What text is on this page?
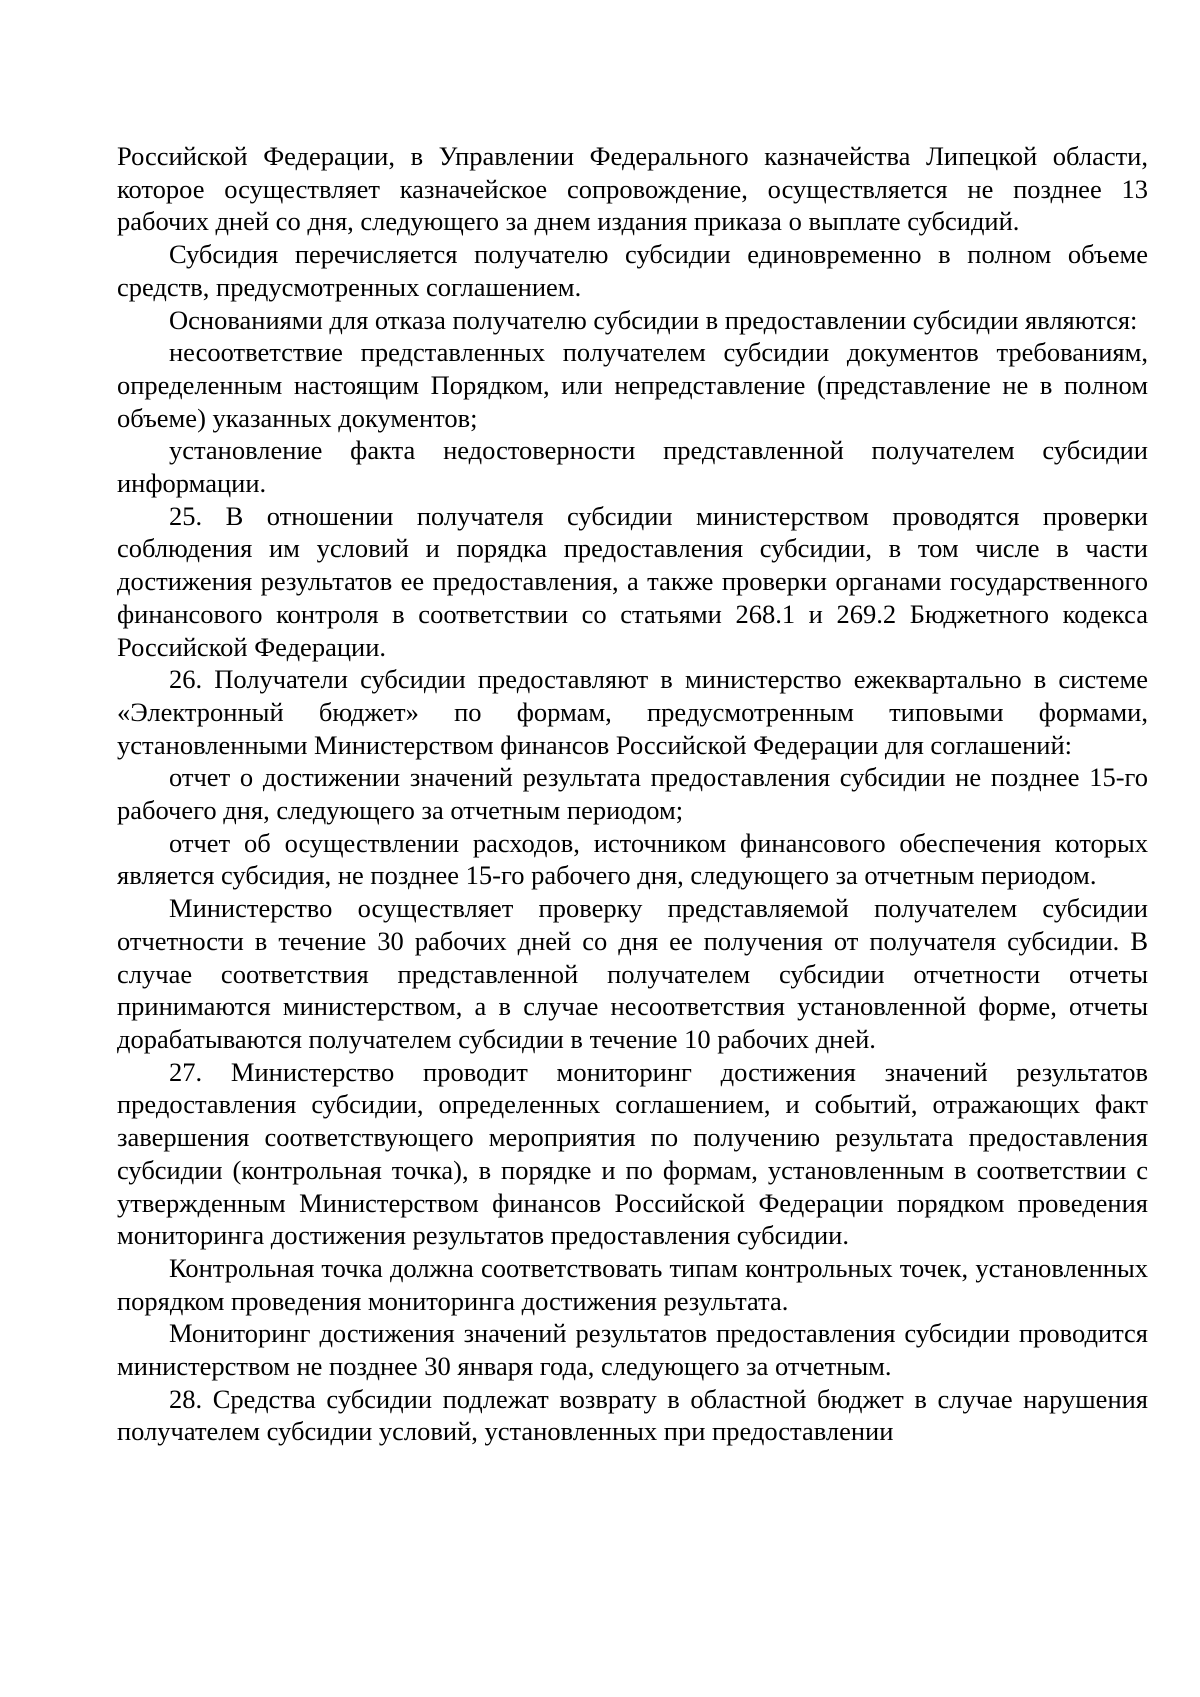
Российской Федерации, в Управлении Федерального казначейства Липецкой области, которое осуществляет казначейское сопровождение, осуществляется не позднее 13 рабочих дней со дня, следующего за днем издания приказа о выплате субсидий.

Субсидия перечисляется получателю субсидии единовременно в полном объеме средств, предусмотренных соглашением.

Основаниями для отказа получателю субсидии в предоставлении субсидии являются:

несоответствие представленных получателем субсидии документов требованиям, определенным настоящим Порядком, или непредставление (представление не в полном объеме) указанных документов;

установление факта недостоверности представленной получателем субсидии информации.

25. В отношении получателя субсидии министерством проводятся проверки соблюдения им условий и порядка предоставления субсидии, в том числе в части достижения результатов ее предоставления, а также проверки органами государственного финансового контроля в соответствии со статьями 268.1 и 269.2 Бюджетного кодекса Российской Федерации.

26. Получатели субсидии предоставляют в министерство ежеквартально в системе «Электронный бюджет» по формам, предусмотренным типовыми формами, установленными Министерством финансов Российской Федерации для соглашений:

отчет о достижении значений результата предоставления субсидии не позднее 15-го рабочего дня, следующего за отчетным периодом;

отчет об осуществлении расходов, источником финансового обеспечения которых является субсидия, не позднее 15-го рабочего дня, следующего за отчетным периодом.

Министерство осуществляет проверку представляемой получателем субсидии отчетности в течение 30 рабочих дней со дня ее получения от получателя субсидии. В случае соответствия представленной получателем субсидии отчетности отчеты принимаются министерством, а в случае несоответствия установленной форме, отчеты дорабатываются получателем субсидии в течение 10 рабочих дней.

27. Министерство проводит мониторинг достижения значений результатов предоставления субсидии, определенных соглашением, и событий, отражающих факт завершения соответствующего мероприятия по получению результата предоставления субсидии (контрольная точка), в порядке и по формам, установленным в соответствии с утвержденным Министерством финансов Российской Федерации порядком проведения мониторинга достижения результатов предоставления субсидии.

Контрольная точка должна соответствовать типам контрольных точек, установленных порядком проведения мониторинга достижения результата.

Мониторинг достижения значений результатов предоставления субсидии проводится министерством не позднее 30 января года, следующего за отчетным.

28. Средства субсидии подлежат возврату в областной бюджет в случае нарушения получателем субсидии условий, установленных при предоставлении
